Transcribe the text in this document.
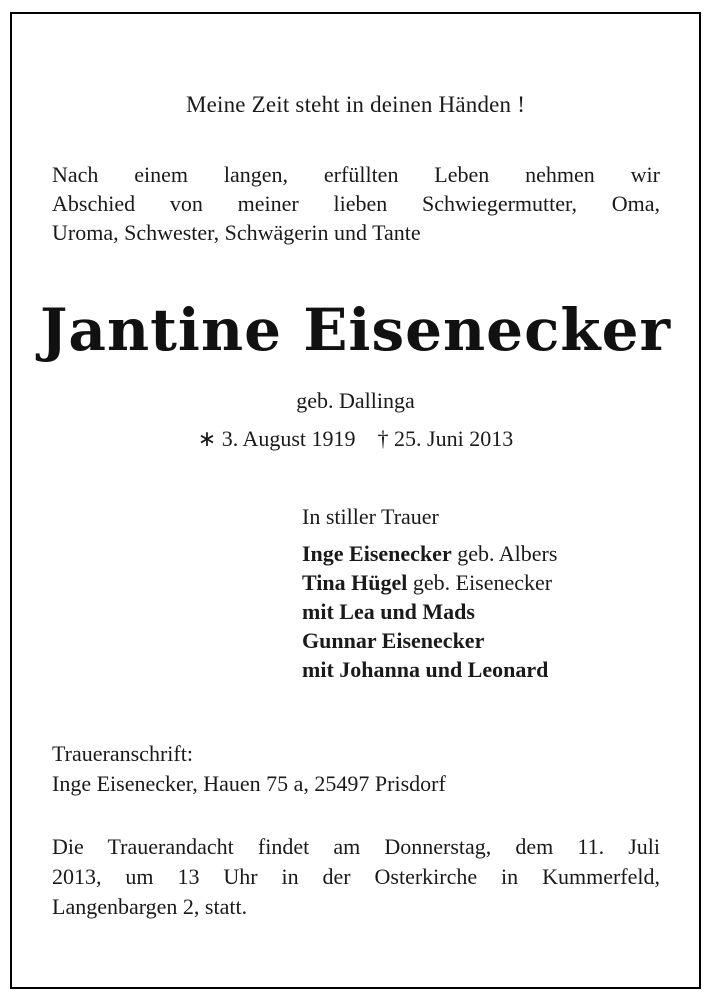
Meine Zeit steht in deinen Händen !
Nach einem langen, erfüllten Leben nehmen wir
Abschied von meiner lieben Schwiegermutter, Oma,
Uroma, Schwester, Schwägerin und Tante
Jantine Eisenecker
geb. Dallinga
∗ 3. August 1919 † 25. Juni 2013
In stiller Trauer
Inge Eisenecker geb. Albers
Tina Hügel geb. Eisenecker
mit Lea und Mads
Gunnar Eisenecker
mit Johanna und Leonard
Traueranschrift:
Inge Eisenecker, Hauen 75 a, 25497 Prisdorf
Die Trauerandacht findet am Donnerstag, dem 11. Juli
2013, um 13 Uhr in der Osterkirche in Kummerfeld,
Langenbargen 2, statt.
